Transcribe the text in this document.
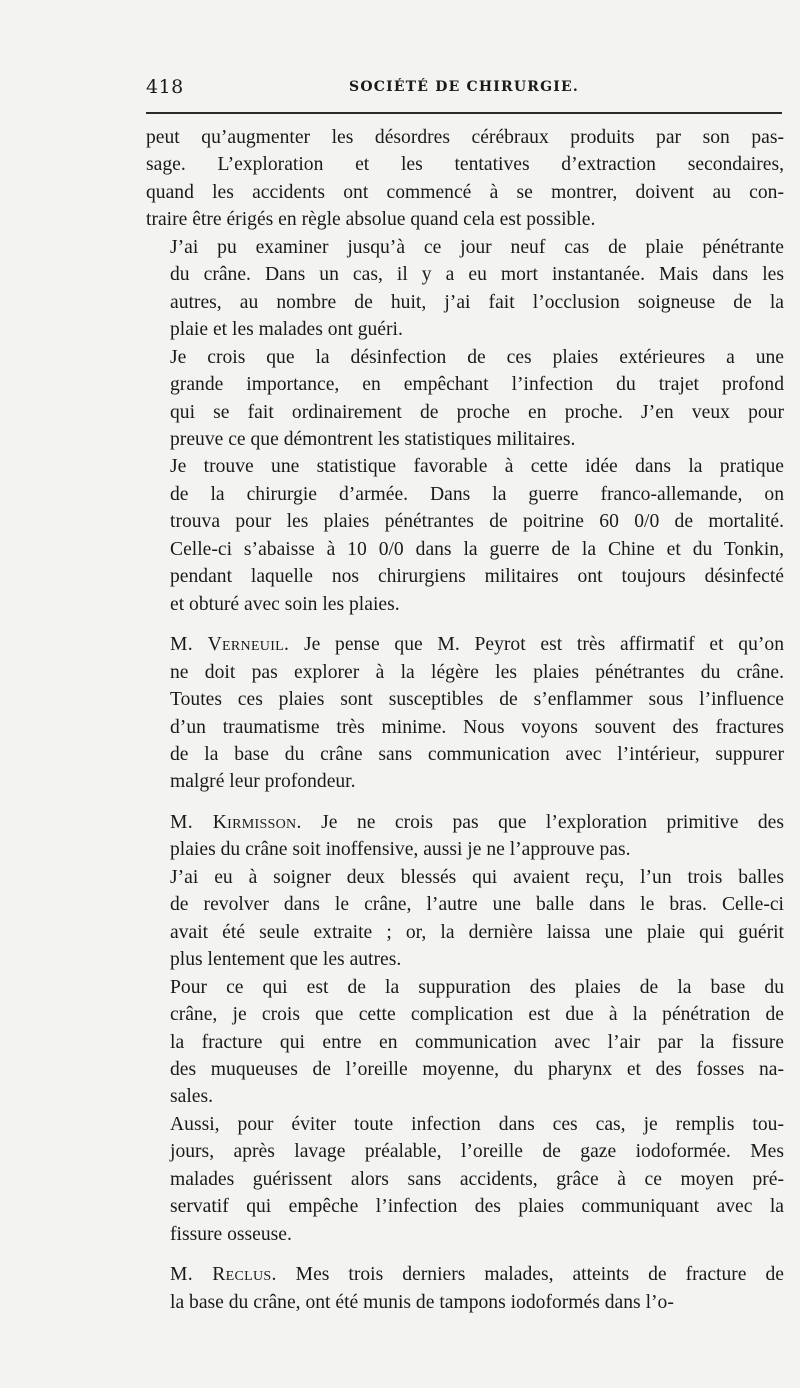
418	SOCIÉTÉ DE CHIRURGIE.
peut qu’augmenter les désordres cérébraux produits par son pas-
sage. L’exploration et les tentatives d’extraction secondaires,
quand les accidents ont commencé à se montrer, doivent au con-
traire être érigés en règle absolue quand cela est possible.
J’ai pu examiner jusqu’à ce jour neuf cas de plaie pénétrante
du crâne. Dans un cas, il y a eu mort instantanée. Mais dans les
autres, au nombre de huit, j’ai fait l’occlusion soigneuse de la
plaie et les malades ont guéri.
Je crois que la désinfection de ces plaies extérieures a une
grande importance, en empêchant l’infection du trajet profond
qui se fait ordinairement de proche en proche. J’en veux pour
preuve ce que démontrent les statistiques militaires.
Je trouve une statistique favorable à cette idée dans la pratique
de la chirurgie d’armée. Dans la guerre franco-allemande, on
trouva pour les plaies pénétrantes de poitrine 60 0/0 de mortalité.
Celle-ci s’abaisse à 10 0/0 dans la guerre de la Chine et du Tonkin,
pendant laquelle nos chirurgiens militaires ont toujours désinfecté
et obturé avec soin les plaies.
M. Verneuil. Je pense que M. Peyrot est très affirmatif et qu’on
ne doit pas explorer à la légère les plaies pénétrantes du crâne.
Toutes ces plaies sont susceptibles de s’enflammer sous l’influence
d’un traumatisme très minime. Nous voyons souvent des fractures
de la base du crâne sans communication avec l’intérieur, suppurer
malgré leur profondeur.
M. Kirmisson. Je ne crois pas que l’exploration primitive des
plaies du crâne soit inoffensive, aussi je ne l’approuve pas.
J’ai eu à soigner deux blessés qui avaient reçu, l’un trois balles
de revolver dans le crâne, l’autre une balle dans le bras. Celle-ci
avait été seule extraite ; or, la dernière laissa une plaie qui guérit
plus lentement que les autres.
Pour ce qui est de la suppuration des plaies de la base du
crâne, je crois que cette complication est due à la pénétration de
la fracture qui entre en communication avec l’air par la fissure
des muqueuses de l’oreille moyenne, du pharynx et des fosses na-
sales.
Aussi, pour éviter toute infection dans ces cas, je remplis tou-
jours, après lavage préalable, l’oreille de gaze iodoformée. Mes
malades guérissent alors sans accidents, grâce à ce moyen pré-
servatif qui empêche l’infection des plaies communiquant avec la
fissure osseuse.
M. Reclus. Mes trois derniers malades, atteints de fracture de
la base du crâne, ont été munis de tampons iodoformés dans l’o-
